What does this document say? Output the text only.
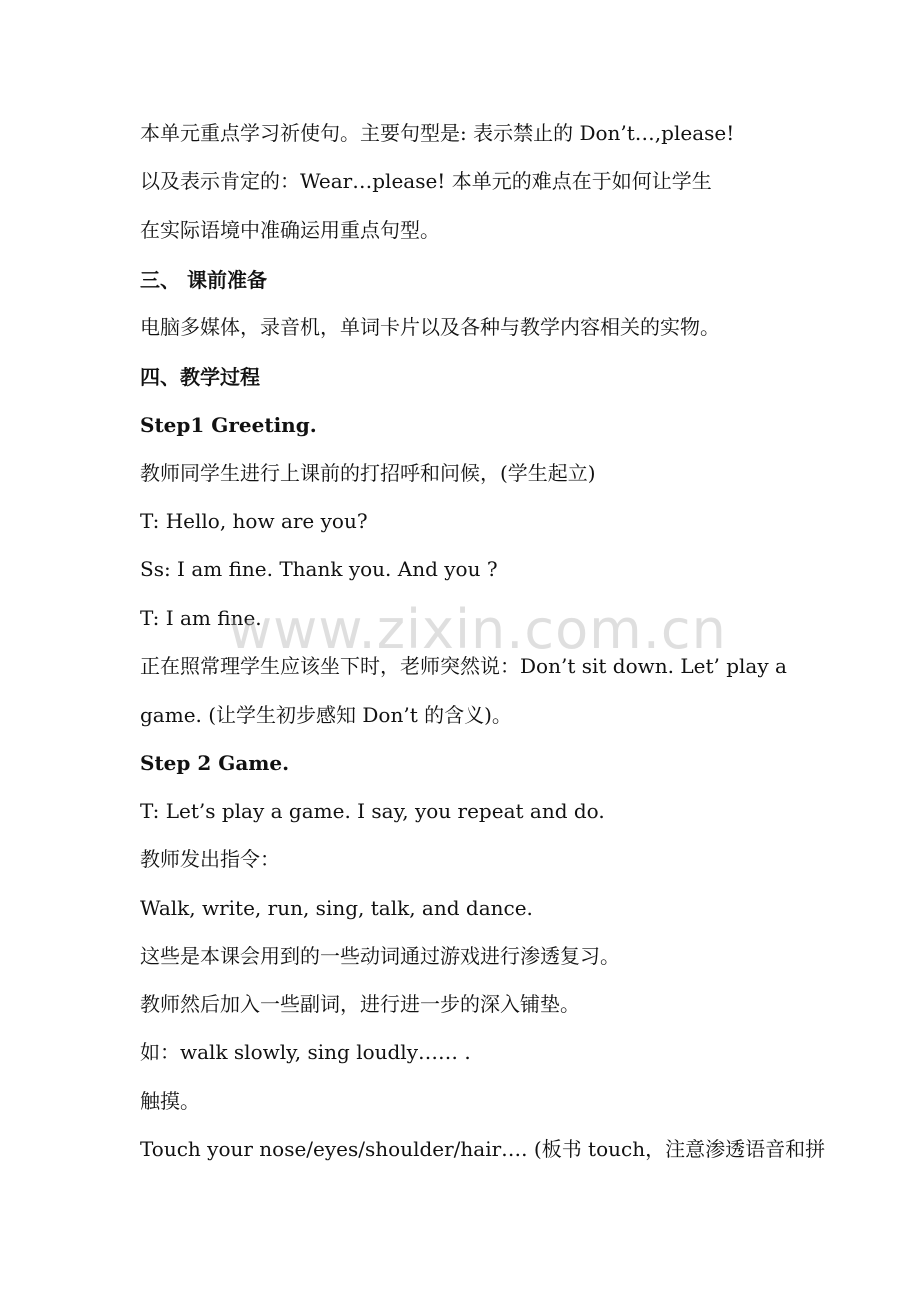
本单元重点学习祈使句。主要句型是: 表示禁止的 Don’t…,please!
以及表示肯定的：Wear…please! 本单元的难点在于如何让学生
在实际语境中准确运用重点句型。
三、 课前准备
电脑多媒体，录音机，单词卡片以及各种与教学内容相关的实物。
四、教学过程
Step1 Greeting.
教师同学生进行上课前的打招呼和问候，(学生起立)
T: Hello, how are you?
Ss: I am fine. Thank you. And you ?
T: I am fine.
正在照常理学生应该坐下时，老师突然说：Don’t sit down. Let’ play a
game. (让学生初步感知 Don’t 的含义)。
Step 2 Game.
T: Let’s play a game. I say, you repeat and do.
教师发出指令：
Walk, write, run, sing, talk, and dance.
这些是本课会用到的一些动词通过游戏进行渗透复习。
教师然后加入一些副词，进行进一步的深入铺垫。
如：walk slowly, sing loudly…… .
触摸。
Touch your nose/eyes/shoulder/hair…. (板书 touch，注意渗透语音和拼
www.zixin.com.cn
